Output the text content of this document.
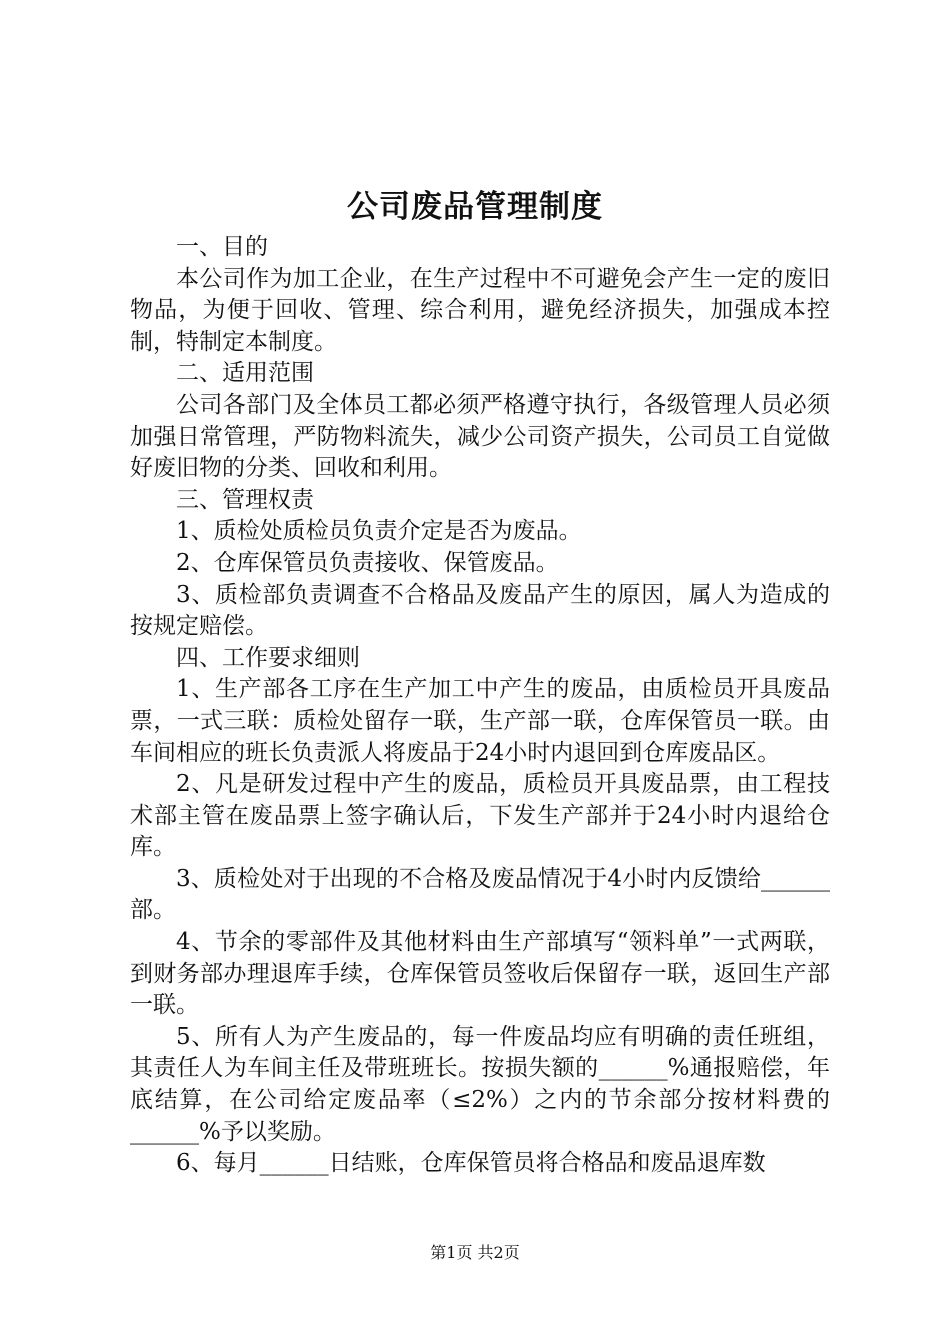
公司废品管理制度

一、目的

本公司作为加工企业，在生产过程中不可避免会产生一定的废旧物品，为便于回收、管理、综合利用，避免经济损失，加强成本控制，特制定本制度。

二、适用范围

公司各部门及全体员工都必须严格遵守执行，各级管理人员必须加强日常管理，严防物料流失，减少公司资产损失，公司员工自觉做好废旧物的分类、回收和利用。

三、管理权责

1、质检处质检员负责介定是否为废品。

2、仓库保管员负责接收、保管废品。

3、质检部负责调查不合格品及废品产生的原因，属人为造成的按规定赔偿。

四、工作要求细则

1、生产部各工序在生产加工中产生的废品，由质检员开具废品票，一式三联：质检处留存一联，生产部一联，仓库保管员一联。由车间相应的班长负责派人将废品于24小时内退回到仓库废品区。

2、凡是研发过程中产生的废品，质检员开具废品票，由工程技术部主管在废品票上签字确认后，下发生产部并于24小时内退给仓库。

3、质检处对于出现的不合格及废品情况于4小时内反馈给______部。

4、节余的零部件及其他材料由生产部填写“领料单”一式两联，到财务部办理退库手续，仓库保管员签收后保留存一联，返回生产部一联。

5、所有人为产生废品的，每一件废品均应有明确的责任班组，其责任人为车间主任及带班班长。按损失额的______%通报赔偿，年底结算，在公司给定废品率（≤2%）之内的节余部分按材料费的______%予以奖励。

6、每月______日结账，仓库保管员将合格品和废品退库数

第1页 共2页
